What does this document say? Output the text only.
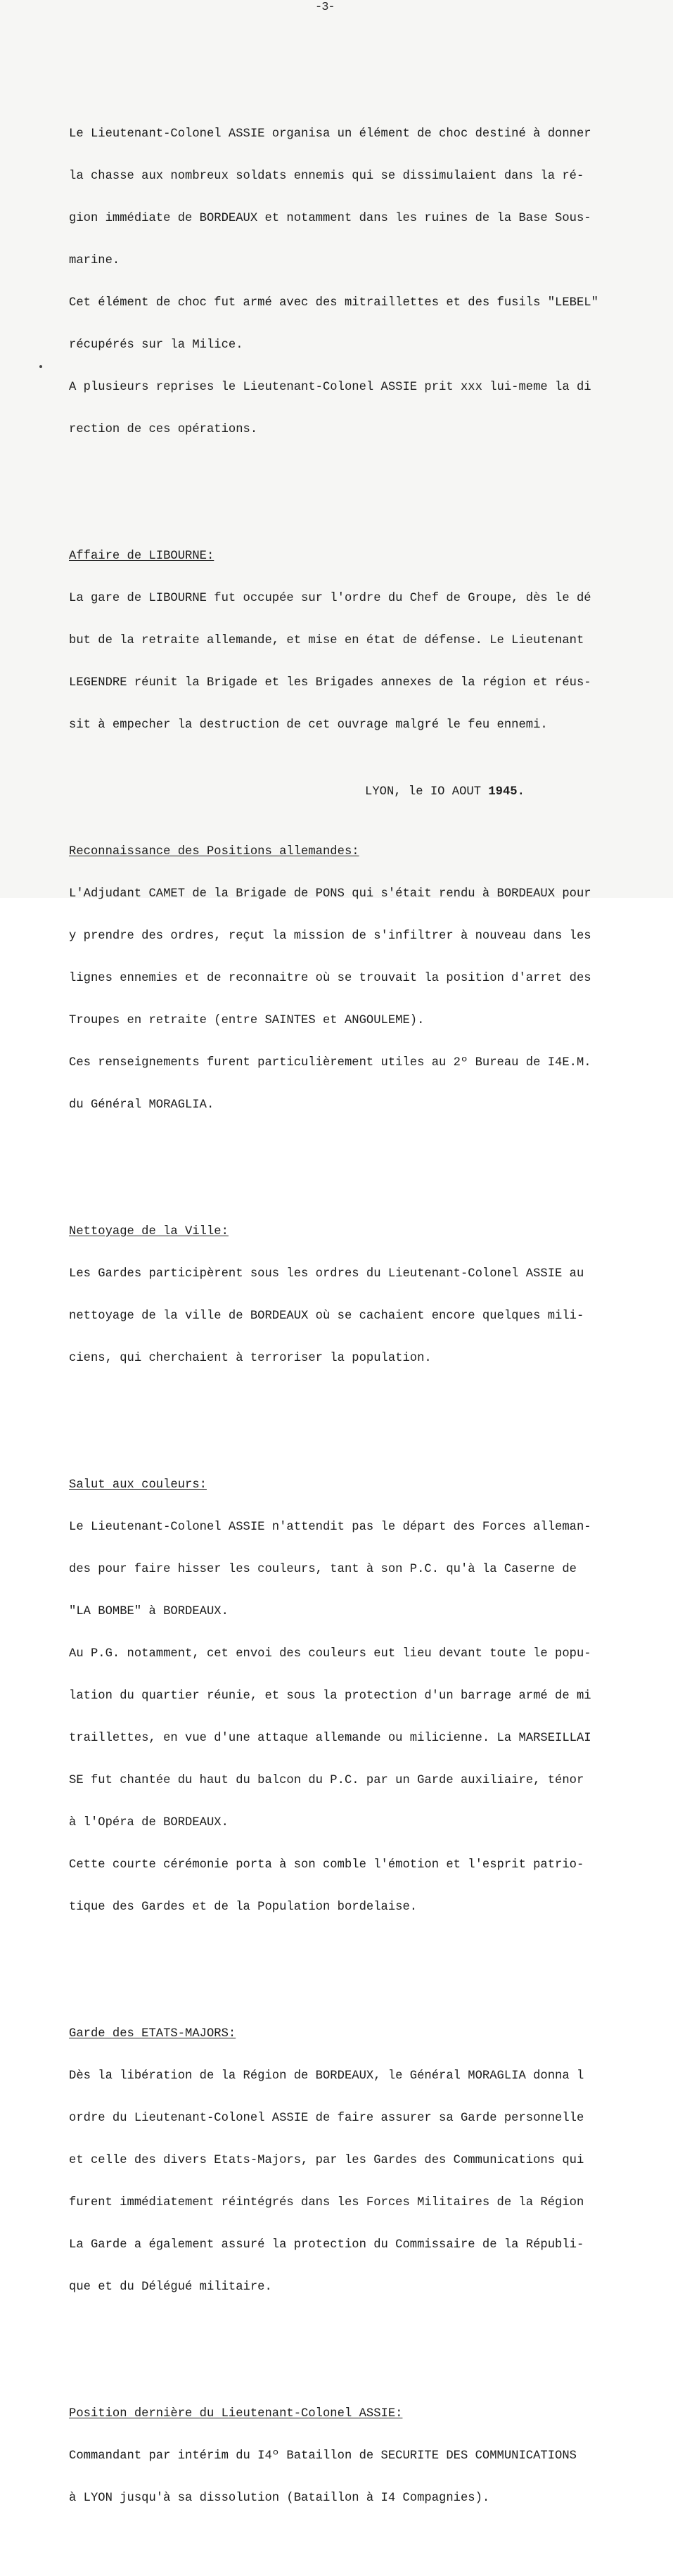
-3-

Le Lieutenant-Colonel ASSIE organisa un élément de choc destiné à donner

la chasse aux nombreux soldats ennemis qui se dissimulaient dans la ré-

gion immédiate de BORDEAUX et notamment dans les ruines de la Base Sous-

marine.

Cet élément de choc fut armé avec des mitraillettes et des fusils "LEBEL"

récupérés sur la Milice.

A plusieurs reprises le Lieutenant-Colonel ASSIE prit xxx lui-meme la di

rection de ces opérations.

Affaire de LIBOURNE:

La gare de LIBOURNE fut occupée sur l'ordre du Chef de Groupe, dès le dé

but de la retraite allemande, et mise en état de défense. Le Lieutenant

LEGENDRE réunit la Brigade et les Brigades annexes de la région et réus-

sit à empecher la destruction de cet ouvrage malgré le feu ennemi.

Reconnaissance des Positions allemandes:

L'Adjudant CAMET de la Brigade de PONS qui s'était rendu à BORDEAUX pour

y prendre des ordres, reçut la mission de s'infiltrer à nouveau dans les

lignes ennemies et de reconnaitre où se trouvait la position d'arret des

Troupes en retraite (entre SAINTES et ANGOULEME).

Ces renseignements furent particulièrement utiles au 2º Bureau de I4E.M.

du Général MORAGLIA.

Nettoyage de la Ville:

Les Gardes participèrent sous les ordres du Lieutenant-Colonel ASSIE au

nettoyage de la ville de BORDEAUX où se cachaient encore quelques mili-

ciens, qui cherchaient à terroriser la population.

Salut aux couleurs:

Le Lieutenant-Colonel ASSIE n'attendit pas le départ des Forces alleman-

des pour faire hisser les couleurs, tant à son P.C. qu'à la Caserne de

"LA BOMBE" à BORDEAUX.

Au P.G. notamment, cet envoi des couleurs eut lieu devant toute le popu-

lation du quartier réunie, et sous la protection d'un barrage armé de mi

traillettes, en vue d'une attaque allemande ou milicienne. La MARSEILLAI

SE fut chantée du haut du balcon du P.C. par un Garde auxiliaire, ténor

à l'Opéra de BORDEAUX.

Cette courte cérémonie porta à son comble l'émotion et l'esprit patrio-

tique des Gardes et de la Population bordelaise.

Garde des ETATS-MAJORS:

Dès la libération de la Région de BORDEAUX, le Général MORAGLIA donna l

ordre du Lieutenant-Colonel ASSIE de faire assurer sa Garde personnelle

et celle des divers Etats-Majors, par les Gardes des Communications qui

furent immédiatement réintégrés dans les Forces Militaires de la Région

La Garde a également assuré la protection du Commissaire de la Républi-

que et du Délégué militaire.

Position dernière du Lieutenant-Colonel ASSIE:

Commandant par intérim du I4º Bataillon de SECURITE DES COMMUNICATIONS

à LYON jusqu'à sa dissolution (Bataillon à I4 Compagnies).

LYON, le IO AOUT 1945.
